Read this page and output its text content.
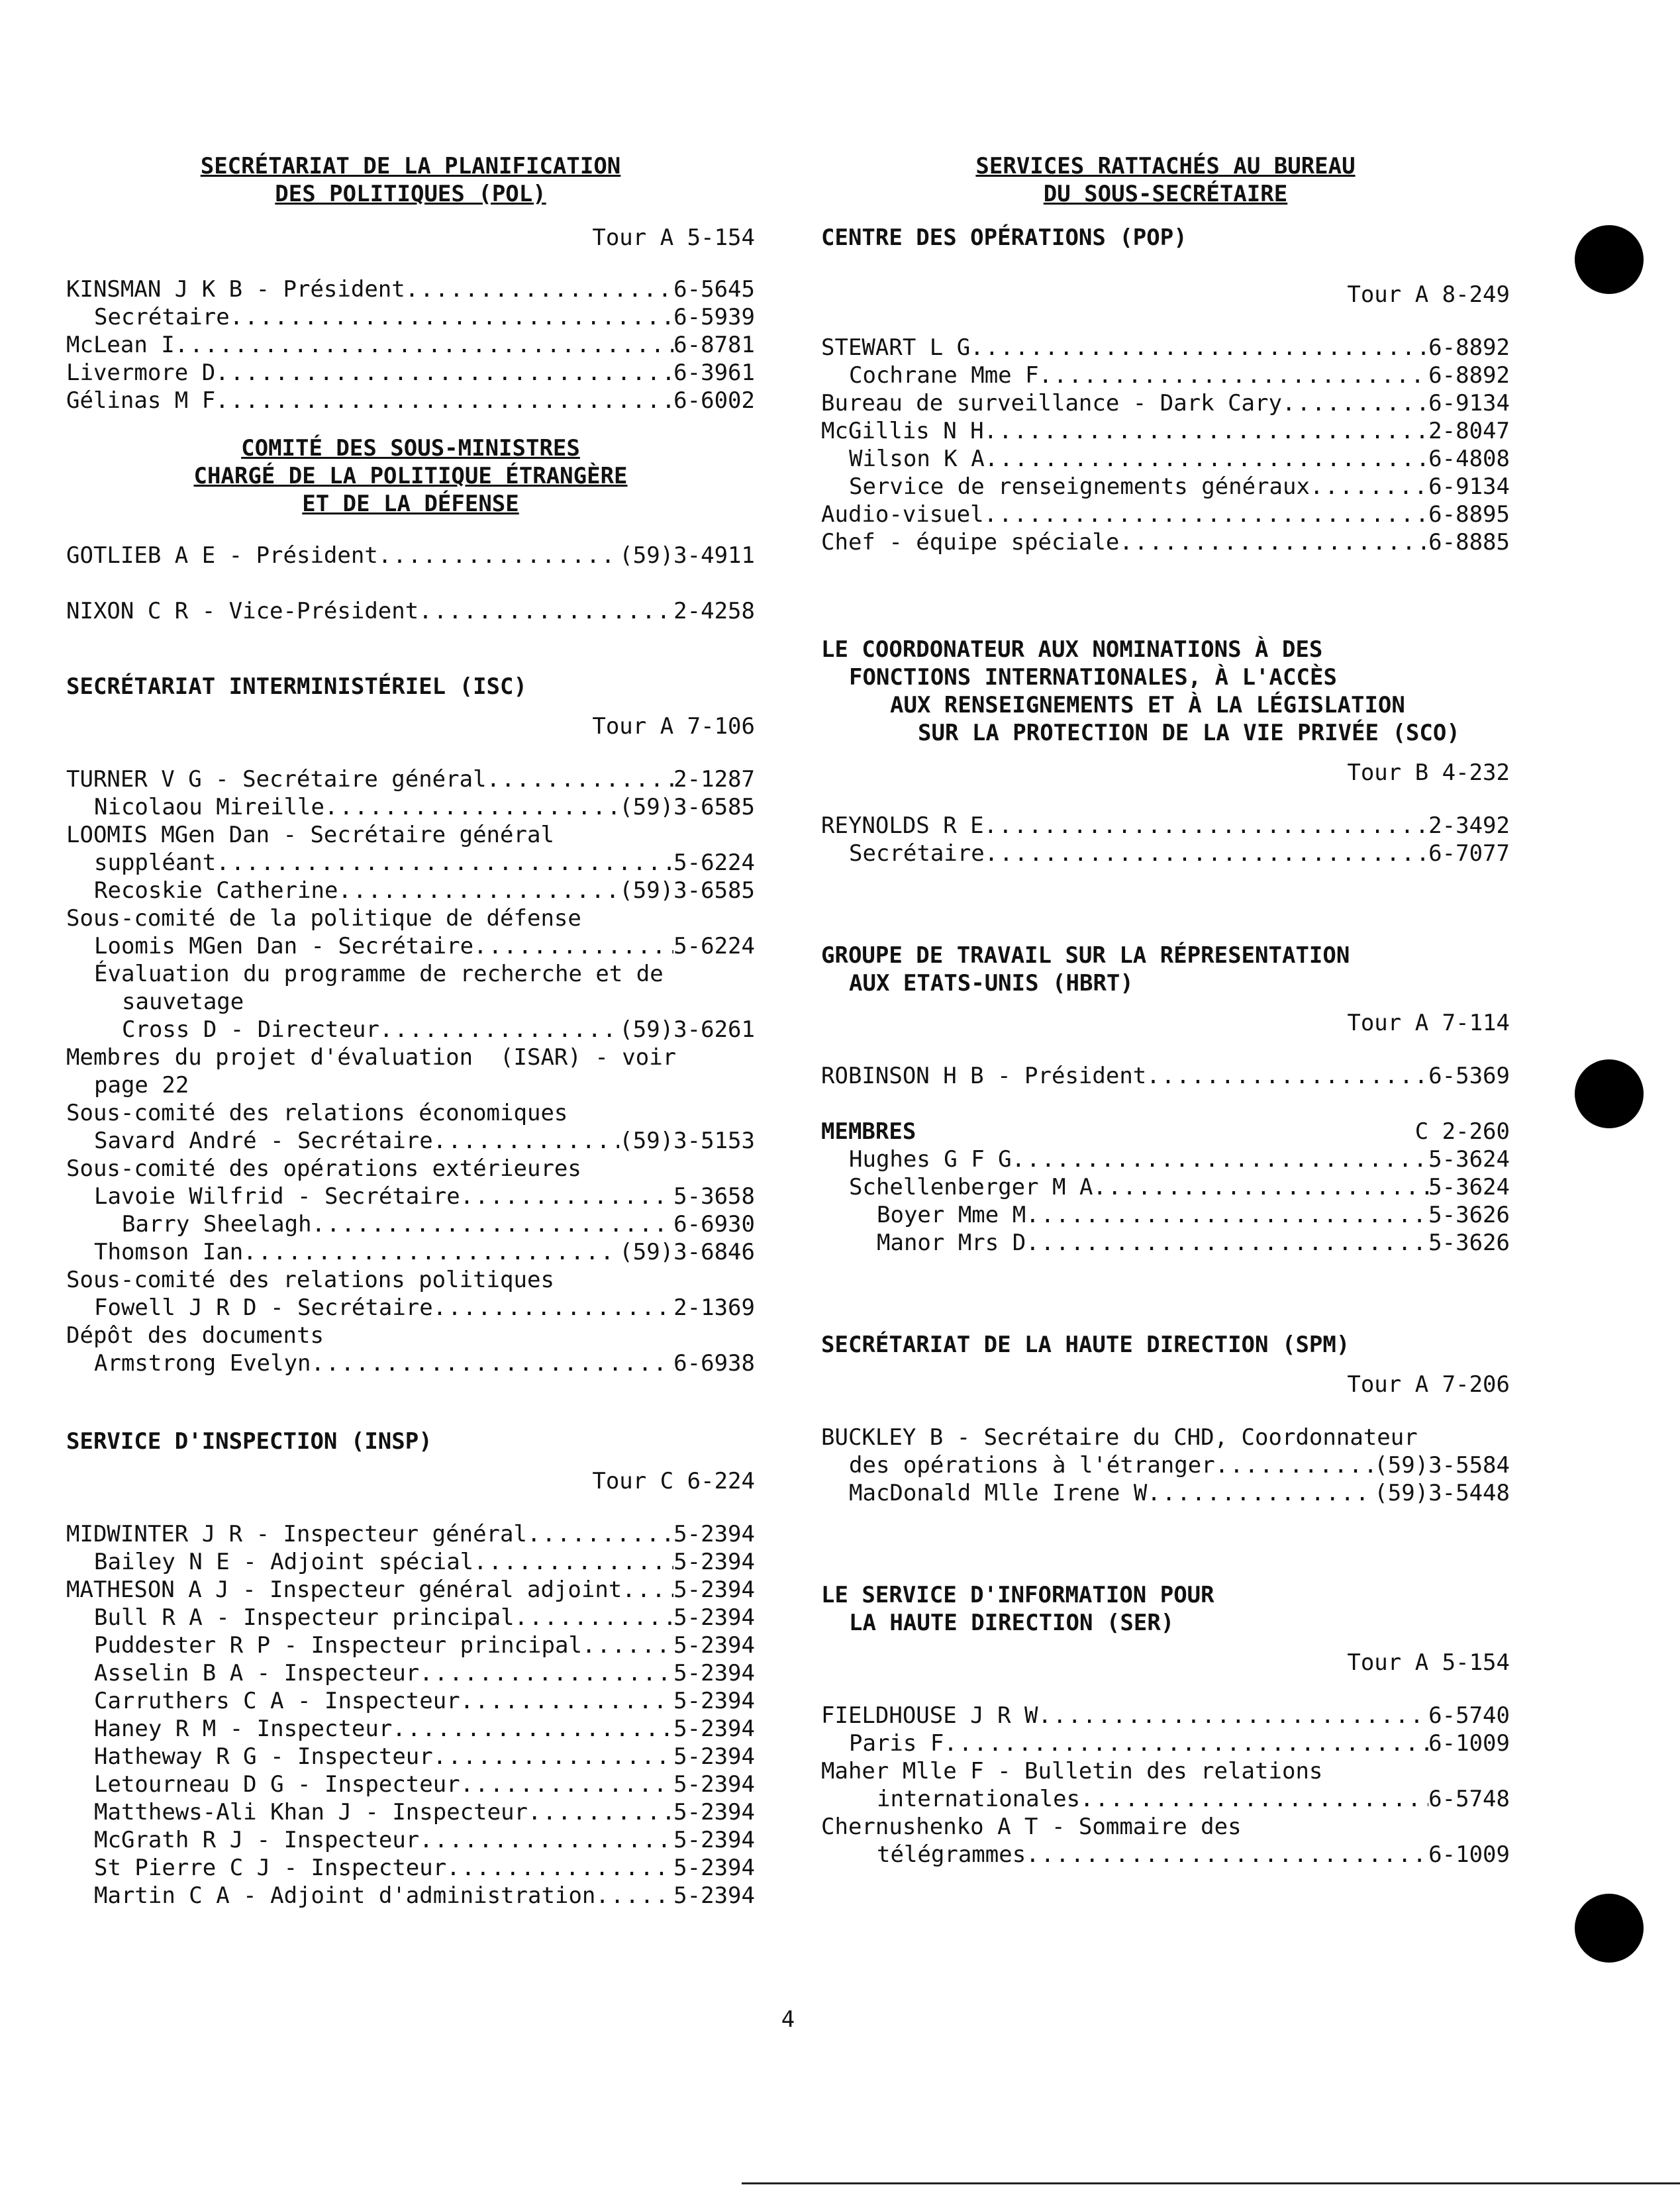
SECRÉTARIAT DE LA PLANIFICATION
DES POLITIQUES (POL)
Tour A 5-154
KINSMAN J K B - Président .....	6-5645
Secrétaire .....	6-5939
McLean I .....	6-8781
Livermore D .....	6-3961
Gélinas M F .....	6-6002
COMITÉ DES SOUS-MINISTRES
CHARGÉ DE LA POLITIQUE ÉTRANGÈRE
ET DE LA DÉFENSE
GOTLIEB A E - Président .....	(59)3-4911
NIXON C R - Vice-Président .....	2-4258
SECRÉTARIAT INTERMINISTÉRIEL (ISC)
Tour A 7-106
TURNER V G - Secrétaire général .....	2-1287
Nicolaou Mireille .....	(59)3-6585
LOOMIS MGen Dan - Secrétaire général
suppléant .....	5-6224
Recoskie Catherine .....	(59)3-6585
Sous-comité de la politique de défense
Loomis MGen Dan - Secrétaire .....	5-6224
Évaluation du programme de recherche et de
sauvetage
Cross D - Directeur .....	(59)3-6261
Membres du projet d'évaluation  (ISAR) - voir
page 22
Sous-comité des relations économiques
Savard André - Secrétaire .....	(59)3-5153
Sous-comité des opérations extérieures
Lavoie Wilfrid - Secrétaire .....	5-3658
Barry Sheelagh .....	6-6930
Thomson Ian .....	(59)3-6846
Sous-comité des relations politiques
Fowell J R D - Secrétaire .....	2-1369
Dépôt des documents
Armstrong Evelyn .....	6-6938
SERVICE D'INSPECTION (INSP)
Tour C 6-224
MIDWINTER J R - Inspecteur général .....	5-2394
Bailey N E - Adjoint spécial .....	5-2394
MATHESON A J - Inspecteur général adjoint ..... 5-2394
Bull R A - Inspecteur principal .....	5-2394
Puddester R P - Inspecteur principal .....	5-2394
Asselin B A - Inspecteur .....	5-2394
Carruthers C A - Inspecteur .....	5-2394
Haney R M - Inspecteur .....	5-2394
Hatheway R G - Inspecteur .....	5-2394
Letourneau D G - Inspecteur .....	5-2394
Matthews-Ali Khan J - Inspecteur .....	5-2394
McGrath R J - Inspecteur .....	5-2394
St Pierre C J - Inspecteur .....	5-2394
Martin C A - Adjoint d'administration .....	5-2394
SERVICES RATTACHÉS AU BUREAU
DU SOUS-SECRÉTAIRE
CENTRE DES OPÉRATIONS (POP)
Tour A 8-249
STEWART L G .....	6-8892
Cochrane Mme F .....	6-8892
Bureau de surveillance - Dark Cary .....	6-9134
McGillis N H .....	2-8047
Wilson K A .....	6-4808
Service de renseignements généraux .....	6-9134
Audio-visuel .....	6-8895
Chef - équipe spéciale .....	6-8885
LE COORDONATEUR AUX NOMINATIONS À DES
FONCTIONS INTERNATIONALES, À L'ACCÈS
AUX RENSEIGNEMENTS ET À LA LÉGISLATION
SUR LA PROTECTION DE LA VIE PRIVÉE (SCO)
Tour B 4-232
REYNOLDS R E .....	2-3492
Secrétaire .....	6-7077
GROUPE DE TRAVAIL SUR LA RÉPRESENTATION
AUX ETATS-UNIS (HBRT)
Tour A 7-114
ROBINSON H B - Président .....	6-5369
MEMBRES	C 2-260
Hughes G F G .....	5-3624
Schellenberger M A .....	5-3624
Boyer Mme M .....	5-3626
Manor Mrs D .....	5-3626
SECRÉTARIAT DE LA HAUTE DIRECTION (SPM)
Tour A 7-206
BUCKLEY B - Secrétaire du CHD, Coordonnateur
des opérations à l'étranger .....	(59)3-5584
MacDonald Mlle Irene W .....	(59)3-5448
LE SERVICE D'INFORMATION POUR
LA HAUTE DIRECTION (SER)
Tour A 5-154
FIELDHOUSE J R W .....	6-5740
Paris F .....	6-1009
Maher Mlle F - Bulletin des relations
internationales .....	6-5748
Chernushenko A T - Sommaire des
télégrammes .....	6-1009
4
